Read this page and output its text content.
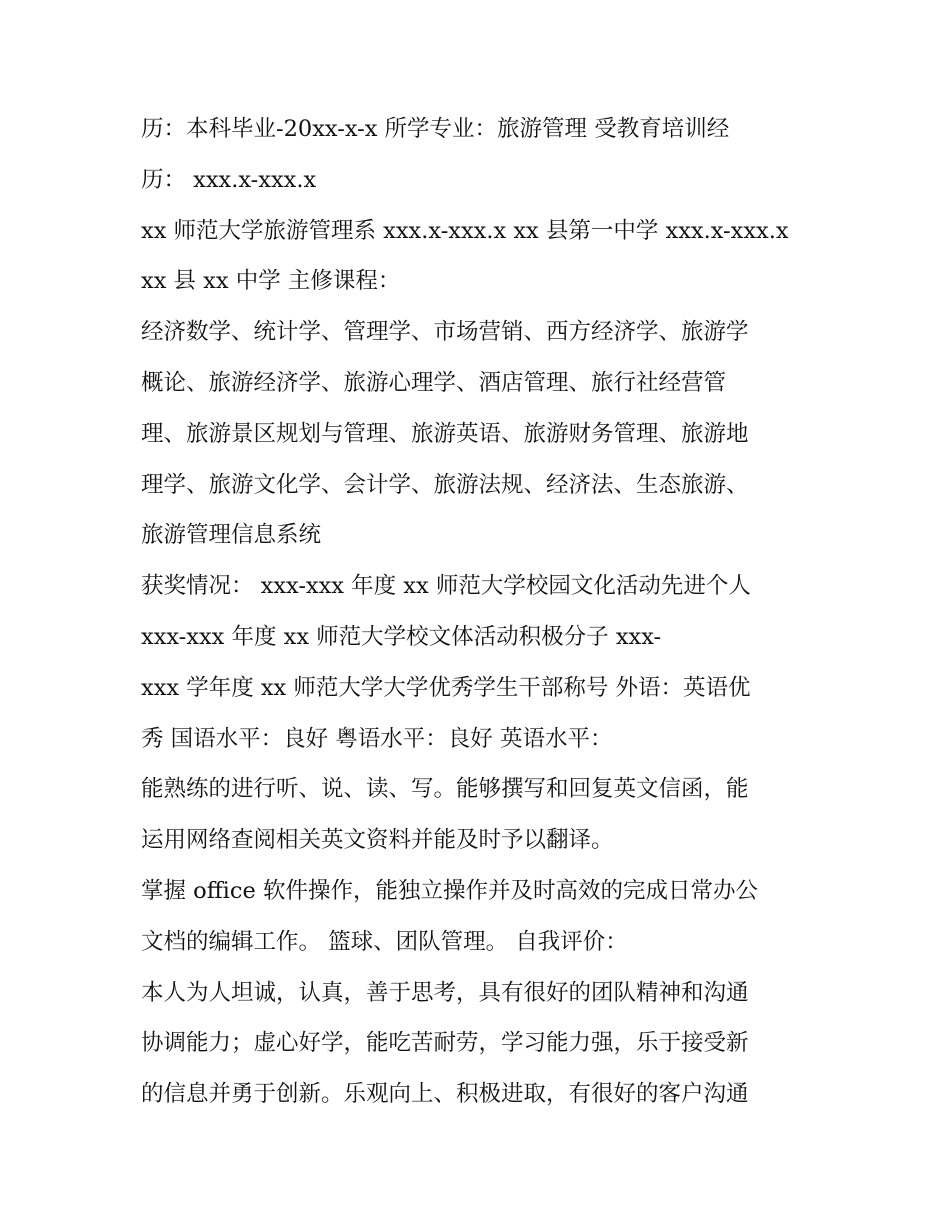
历：本科毕业-20xx-x-x 所学专业：旅游管理 受教育培训经
历： xxx.x-xxx.x
xx 师范大学旅游管理系 xxx.x-xxx.x xx 县第一中学 xxx.x-xxx.x
xx 县 xx 中学 主修课程：
经济数学、统计学、管理学、市场营销、西方经济学、旅游学
概论、旅游经济学、旅游心理学、酒店管理、旅行社经营管
理、旅游景区规划与管理、旅游英语、旅游财务管理、旅游地
理学、旅游文化学、会计学、旅游法规、经济法、生态旅游、
旅游管理信息系统
获奖情况： xxx-xxx 年度 xx 师范大学校园文化活动先进个人
xxx-xxx 年度 xx 师范大学校文体活动积极分子 xxx-
xxx 学年度 xx 师范大学大学优秀学生干部称号 外语：英语优
秀 国语水平：良好 粤语水平：良好 英语水平：
能熟练的进行听、说、读、写。能够撰写和回复英文信函，能
运用网络查阅相关英文资料并能及时予以翻译。
掌握 office 软件操作，能独立操作并及时高效的完成日常办公
文档的编辑工作。 篮球、团队管理。 自我评价：
本人为人坦诚，认真，善于思考，具有很好的团队精神和沟通
协调能力；虚心好学，能吃苦耐劳，学习能力强，乐于接受新
的信息并勇于创新。乐观向上、积极进取，有很好的客户沟通
